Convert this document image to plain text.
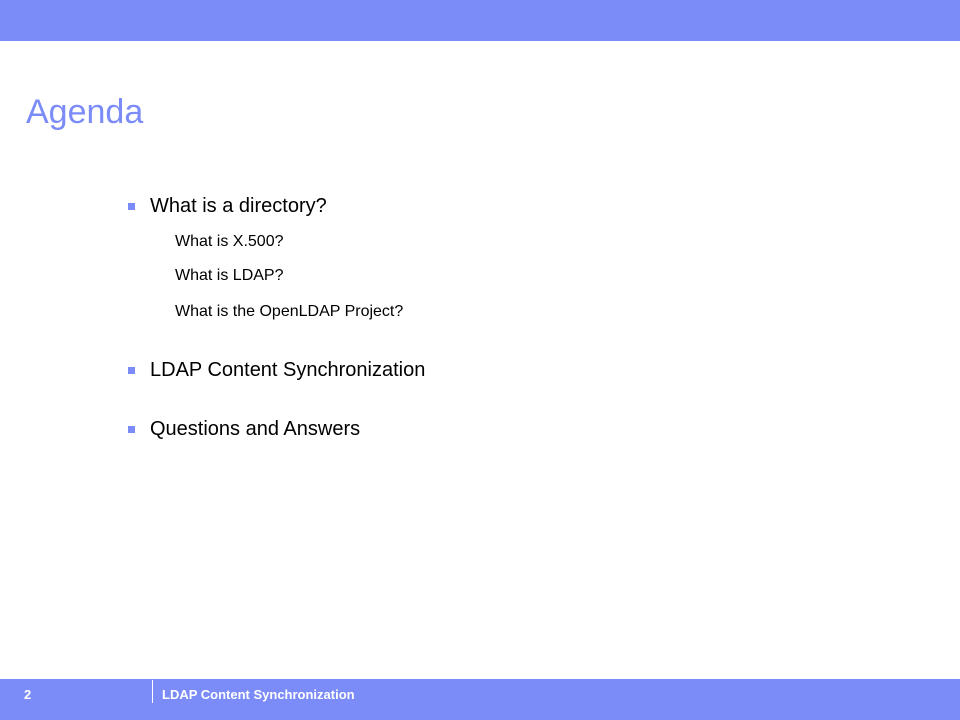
Agenda
What is a directory?
What is X.500?
What is LDAP?
What is the OpenLDAP Project?
LDAP Content Synchronization
Questions and Answers
2	LDAP Content Synchronization
